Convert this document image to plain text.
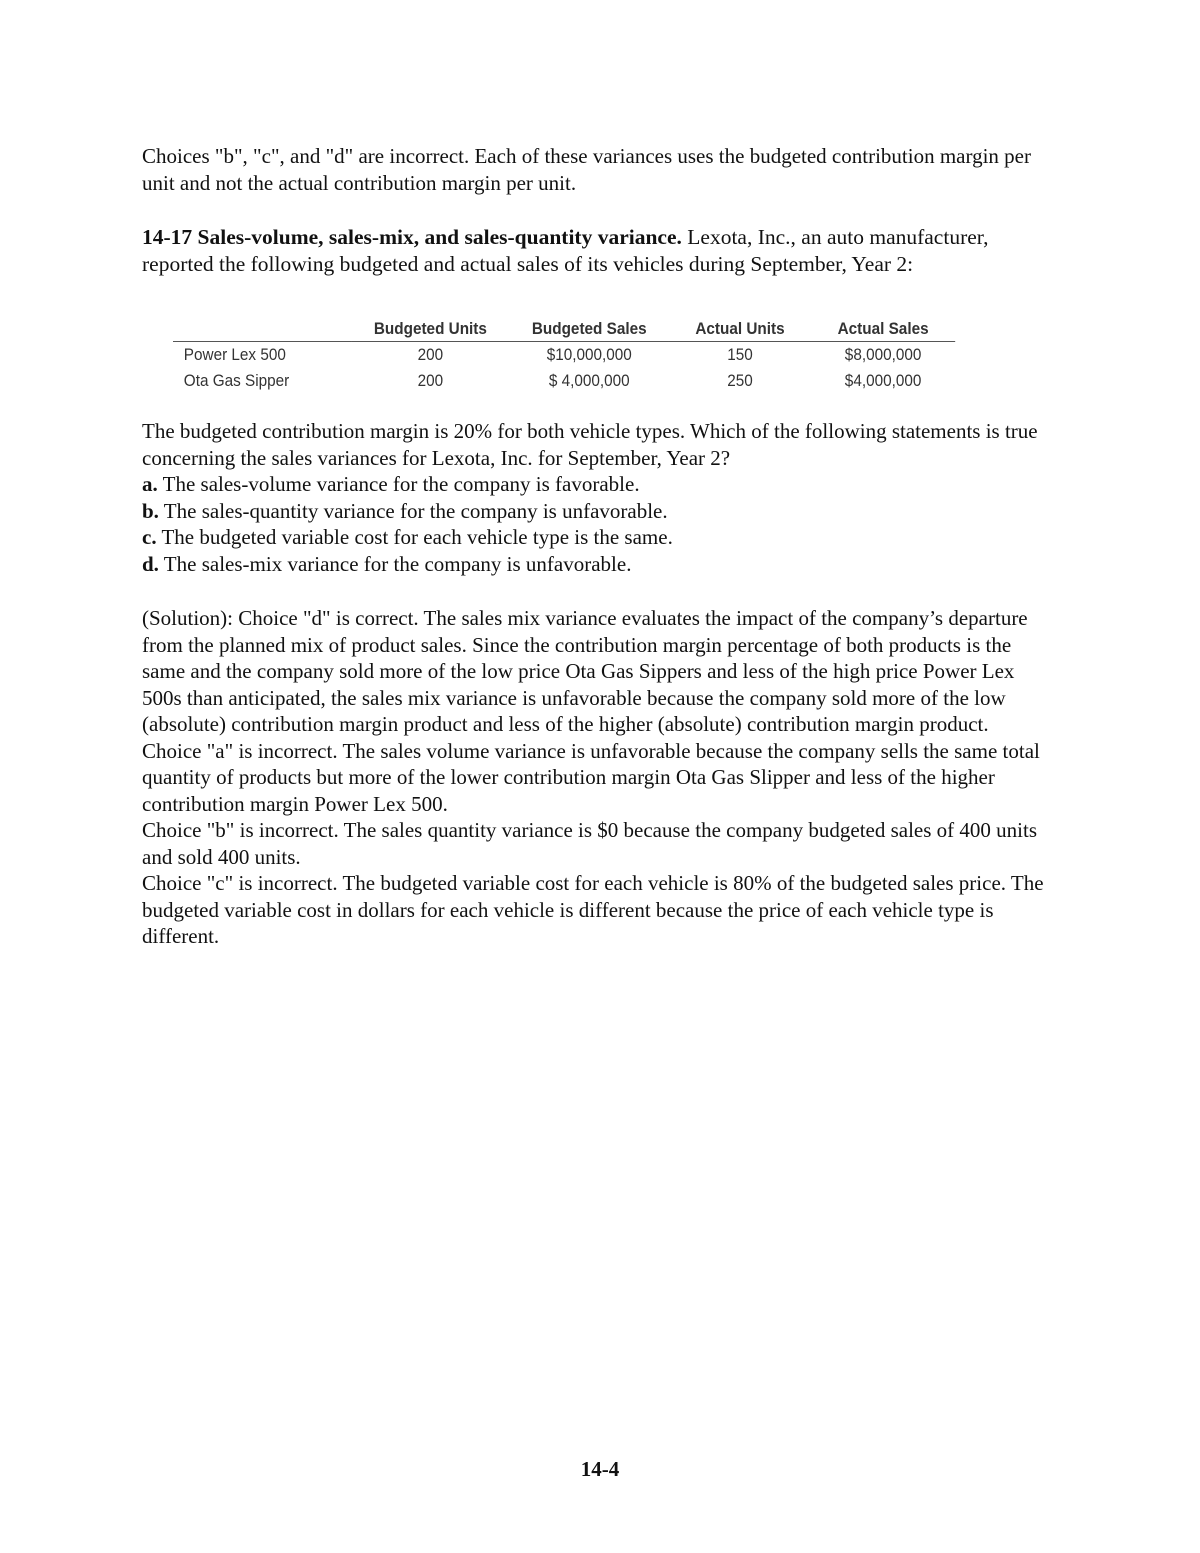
Choices "b", "c", and "d" are incorrect. Each of these variances uses the budgeted contribution margin per unit and not the actual contribution margin per unit.

14-17 Sales-volume, sales-mix, and sales-quantity variance. Lexota, Inc., an auto manufacturer, reported the following budgeted and actual sales of its vehicles during September, Year 2:

	Budgeted Units	Budgeted Sales	Actual Units	Actual Sales
Power Lex 500	200	$10,000,000	150	$8,000,000
Ota Gas Sipper	200	$ 4,000,000	250	$4,000,000
The budgeted contribution margin is 20% for both vehicle types. Which of the following statements is true concerning the sales variances for Lexota, Inc. for September, Year 2?
a. The sales-volume variance for the company is favorable.
b. The sales-quantity variance for the company is unfavorable.
c. The budgeted variable cost for each vehicle type is the same.
d. The sales-mix variance for the company is unfavorable.
(Solution): Choice "d" is correct. The sales mix variance evaluates the impact of the company’s departure from the planned mix of product sales. Since the contribution margin percentage of both products is the same and the company sold more of the low price Ota Gas Sippers and less of the high price Power Lex 500s than anticipated, the sales mix variance is unfavorable because the company sold more of the low (absolute) contribution margin product and less of the higher (absolute) contribution margin product.
Choice "a" is incorrect. The sales volume variance is unfavorable because the company sells the same total quantity of products but more of the lower contribution margin Ota Gas Slipper and less of the higher contribution margin Power Lex 500.
Choice "b" is incorrect. The sales quantity variance is $0 because the company budgeted sales of 400 units and sold 400 units.
Choice "c" is incorrect. The budgeted variable cost for each vehicle is 80% of the budgeted sales price. The budgeted variable cost in dollars for each vehicle is different because the price of each vehicle type is different.
14-4
